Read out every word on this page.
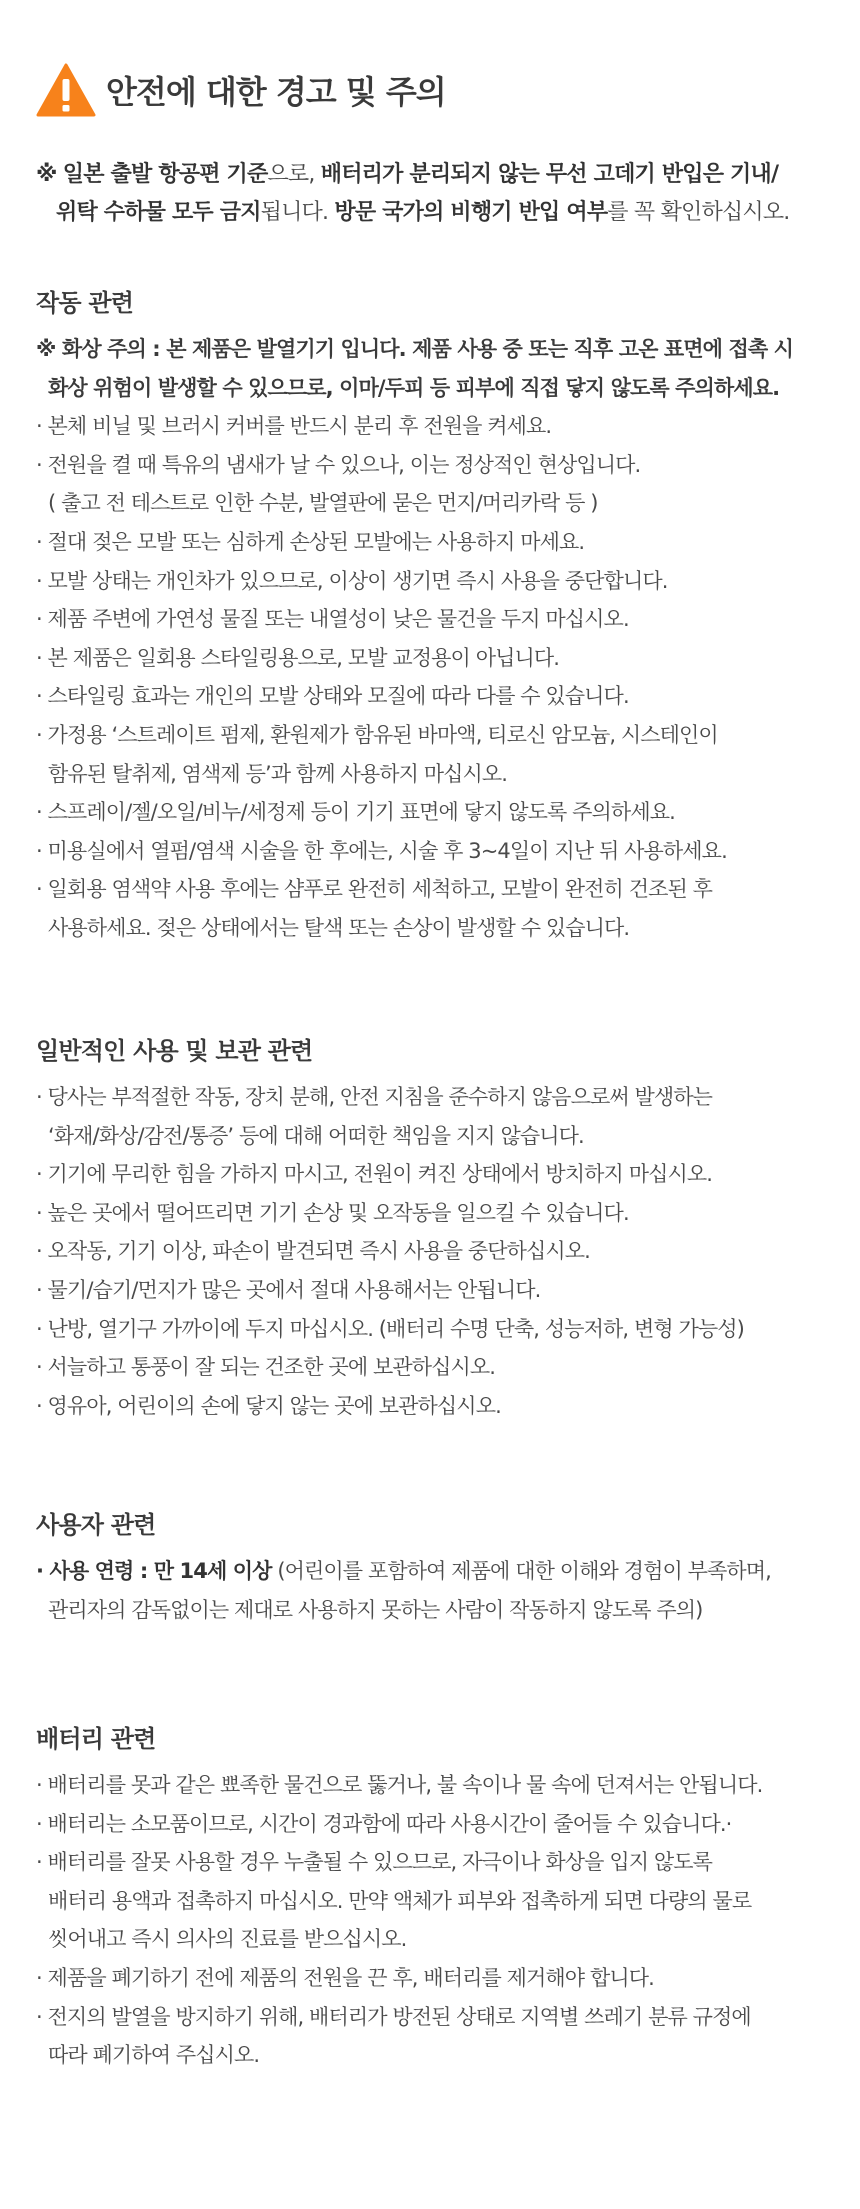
안전에 대한 경고 및 주의
※ 일본 출발 항공편 기준으로, 배터리가 분리되지 않는 무선 고데기 반입은 기내/
위탁 수하물 모두 금지됩니다. 방문 국가의 비행기 반입 여부를 꼭 확인하십시오.
작동 관련
※ 화상 주의 : 본 제품은 발열기기 입니다. 제품 사용 중 또는 직후 고온 표면에 접촉 시
화상 위험이 발생할 수 있으므로, 이마/두피 등 피부에 직접 닿지 않도록 주의하세요.
· 본체 비닐 및 브러시 커버를 반드시 분리 후 전원을 켜세요.
· 전원을 켤 때 특유의 냄새가 날 수 있으나, 이는 정상적인 현상입니다.
( 출고 전 테스트로 인한 수분, 발열판에 묻은 먼지/머리카락 등 )
· 절대 젖은 모발 또는 심하게 손상된 모발에는 사용하지 마세요.
· 모발 상태는 개인차가 있으므로, 이상이 생기면 즉시 사용을 중단합니다.
· 제품 주변에 가연성 물질 또는 내열성이 낮은 물건을 두지 마십시오.
· 본 제품은 일회용 스타일링용으로, 모발 교정용이 아닙니다.
· 스타일링 효과는 개인의 모발 상태와 모질에 따라 다를 수 있습니다.
· 가정용 ‘스트레이트 펌제, 환원제가 함유된 바마액, 티로신 암모늄, 시스테인이
함유된 탈취제, 염색제 등’과 함께 사용하지 마십시오.
· 스프레이/젤/오일/비누/세정제 등이 기기 표면에 닿지 않도록 주의하세요.
· 미용실에서 열펌/염색 시술을 한 후에는, 시술 후 3~4일이 지난 뒤 사용하세요.
· 일회용 염색약 사용 후에는 샴푸로 완전히 세척하고, 모발이 완전히 건조된 후
사용하세요. 젖은 상태에서는 탈색 또는 손상이 발생할 수 있습니다.
일반적인 사용 및 보관 관련
· 당사는 부적절한 작동, 장치 분해, 안전 지침을 준수하지 않음으로써 발생하는
‘화재/화상/감전/통증’ 등에 대해 어떠한 책임을 지지 않습니다.
· 기기에 무리한 힘을 가하지 마시고, 전원이 켜진 상태에서 방치하지 마십시오.
· 높은 곳에서 떨어뜨리면 기기 손상 및 오작동을 일으킬 수 있습니다.
· 오작동, 기기 이상, 파손이 발견되면 즉시 사용을 중단하십시오.
· 물기/습기/먼지가 많은 곳에서 절대 사용해서는 안됩니다.
· 난방, 열기구 가까이에 두지 마십시오. (배터리 수명 단축, 성능저하, 변형 가능성)
· 서늘하고 통풍이 잘 되는 건조한 곳에 보관하십시오.
· 영유아, 어린이의 손에 닿지 않는 곳에 보관하십시오.
사용자 관련
· 사용 연령 : 만 14세 이상 (어린이를 포함하여 제품에 대한 이해와 경험이 부족하며,
관리자의 감독없이는 제대로 사용하지 못하는 사람이 작동하지 않도록 주의)
배터리 관련
· 배터리를 못과 같은 뾰족한 물건으로 뚫거나, 불 속이나 물 속에 던져서는 안됩니다.
· 배터리는 소모품이므로, 시간이 경과함에 따라 사용시간이 줄어들 수 있습니다.·
· 배터리를 잘못 사용할 경우 누출될 수 있으므로, 자극이나 화상을 입지 않도록
배터리 용액과 접촉하지 마십시오. 만약 액체가 피부와 접촉하게 되면 다량의 물로
씻어내고 즉시 의사의 진료를 받으십시오.
· 제품을 폐기하기 전에 제품의 전원을 끈 후, 배터리를 제거해야 합니다.
· 전지의 발열을 방지하기 위해, 배터리가 방전된 상태로 지역별 쓰레기 분류 규정에
따라 폐기하여 주십시오.
